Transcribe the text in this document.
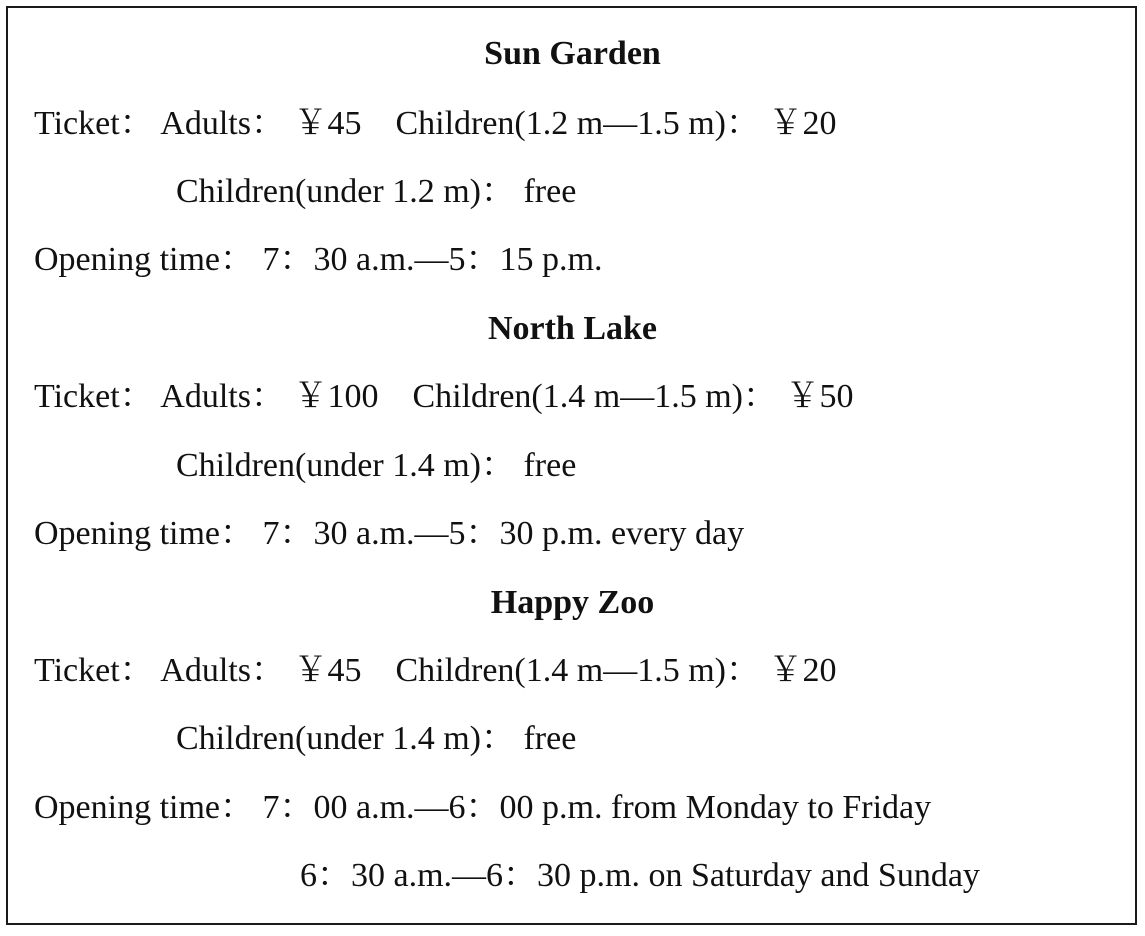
Sun Garden
Ticket： Adults： ￥45    Children(1.2 m—1.5 m)： ￥20
Children(under 1.2 m)： free
Opening time： 7：30 a.m.—5：15 p.m.
North Lake
Ticket： Adults： ￥100    Children(1.4 m—1.5 m)： ￥50
Children(under 1.4 m)： free
Opening time： 7：30 a.m.—5：30 p.m. every day
Happy Zoo
Ticket： Adults： ￥45    Children(1.4 m—1.5 m)： ￥20
Children(under 1.4 m)： free
Opening time： 7：00 a.m.—6：00 p.m. from Monday to Friday
6：30 a.m.—6：30 p.m. on Saturday and Sunday
